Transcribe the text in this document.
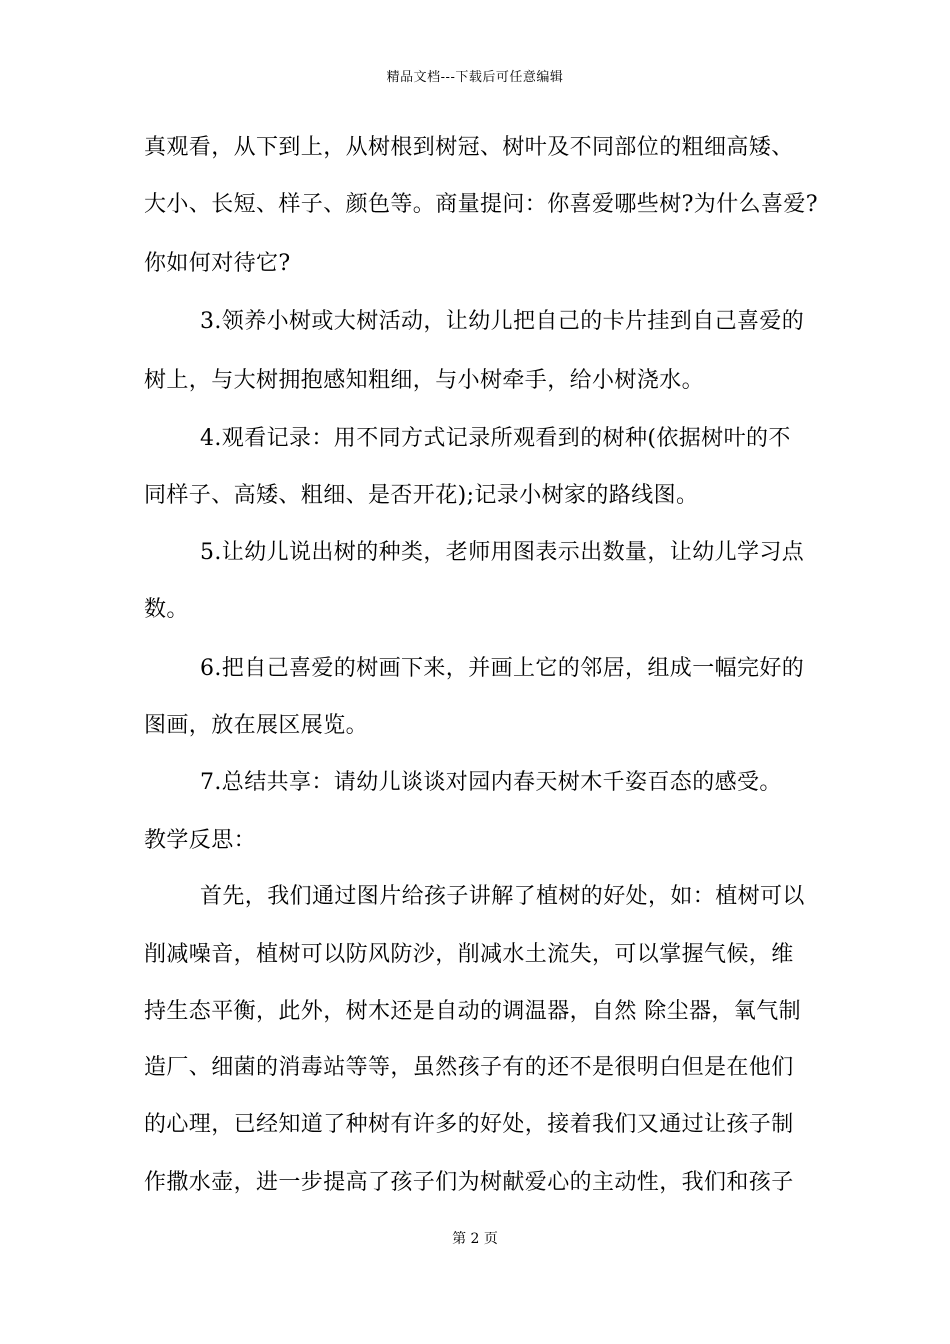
精品文档---下载后可任意编辑
真观看，从下到上，从树根到树冠、树叶及不同部位的粗细高矮、
大小、长短、样子、颜色等。商量提问：你喜爱哪些树?为什么喜爱?
你如何对待它?
3.领养小树或大树活动，让幼儿把自己的卡片挂到自己喜爱的
树上，与大树拥抱感知粗细，与小树牵手，给小树浇水。
4.观看记录：用不同方式记录所观看到的树种(依据树叶的不
同样子、高矮、粗细、是否开花);记录小树家的路线图。
5.让幼儿说出树的种类，老师用图表示出数量，让幼儿学习点
数。
6.把自己喜爱的树画下来，并画上它的邻居，组成一幅完好的
图画，放在展区展览。
7.总结共享：请幼儿谈谈对园内春天树木千姿百态的感受。
教学反思：
首先，我们通过图片给孩子讲解了植树的好处，如：植树可以
削减噪音，植树可以防风防沙，削减水土流失，可以掌握气候，维
持生态平衡，此外，树木还是自动的调温器，自然 除尘器，氧气制
造厂、细菌的消毒站等等，虽然孩子有的还不是很明白但是在他们
的心理，已经知道了种树有许多的好处，接着我们又通过让孩子制
作撒水壶，进一步提高了孩子们为树献爱心的主动性，我们和孩子
第 2 页
